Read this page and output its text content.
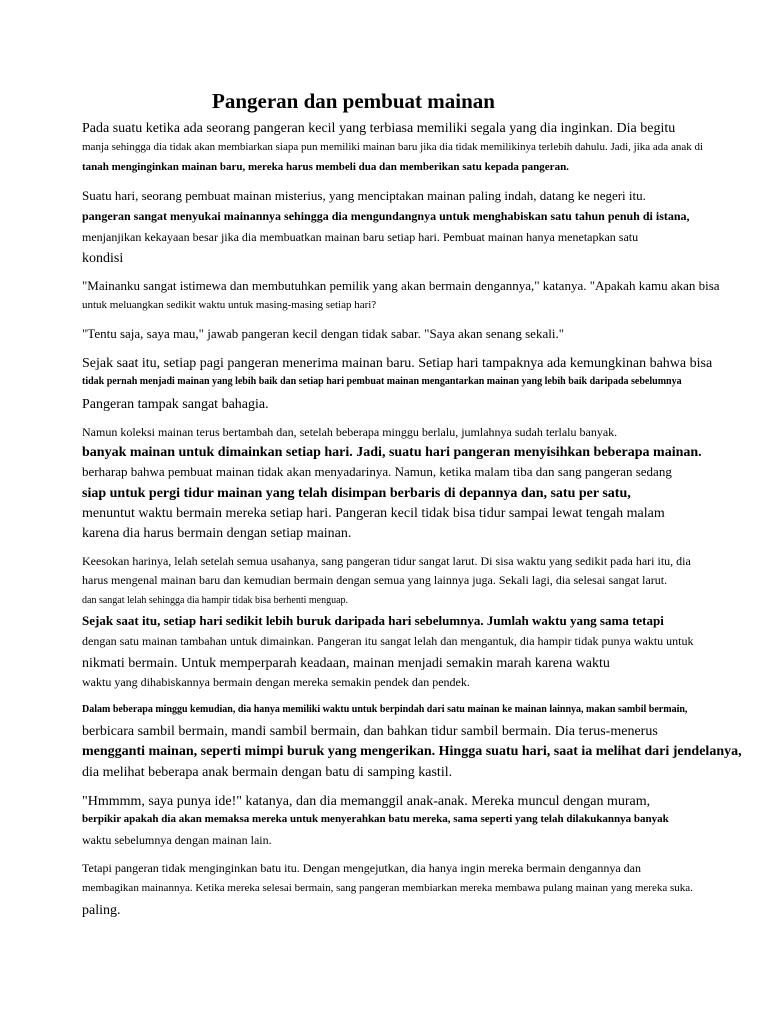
Pangeran dan pembuat mainan
Pada suatu ketika ada seorang pangeran kecil yang terbiasa memiliki segala yang dia inginkan. Dia begitu
manja sehingga dia tidak akan membiarkan siapa pun memiliki mainan baru jika dia tidak memilikinya terlebih dahulu. Jadi, jika ada anak di
tanah menginginkan mainan baru, mereka harus membeli dua dan memberikan satu kepada pangeran.
Suatu hari, seorang pembuat mainan misterius, yang menciptakan mainan paling indah, datang ke negeri itu.
pangeran sangat menyukai mainannya sehingga dia mengundangnya untuk menghabiskan satu tahun penuh di istana,
menjanjikan kekayaan besar jika dia membuatkan mainan baru setiap hari. Pembuat mainan hanya menetapkan satu
kondisi
"Mainanku sangat istimewa dan membutuhkan pemilik yang akan bermain dengannya," katanya. "Apakah kamu akan bisa
untuk meluangkan sedikit waktu untuk masing-masing setiap hari?
"Tentu saja, saya mau," jawab pangeran kecil dengan tidak sabar. "Saya akan senang sekali."
Sejak saat itu, setiap pagi pangeran menerima mainan baru. Setiap hari tampaknya ada kemungkinan bahwa bisa
tidak pernah menjadi mainan yang lebih baik dan setiap hari pembuat mainan mengantarkan mainan yang lebih baik daripada sebelumnya
Pangeran tampak sangat bahagia.
Namun koleksi mainan terus bertambah dan, setelah beberapa minggu berlalu, jumlahnya sudah terlalu banyak.
banyak mainan untuk dimainkan setiap hari. Jadi, suatu hari pangeran menyisihkan beberapa mainan.
berharap bahwa pembuat mainan tidak akan menyadarinya. Namun, ketika malam tiba dan sang pangeran sedang
siap untuk pergi tidur mainan yang telah disimpan berbaris di depannya dan, satu per satu,
menuntut waktu bermain mereka setiap hari. Pangeran kecil tidak bisa tidur sampai lewat tengah malam
karena dia harus bermain dengan setiap mainan.
Keesokan harinya, lelah setelah semua usahanya, sang pangeran tidur sangat larut. Di sisa waktu yang sedikit pada hari itu, dia
harus mengenal mainan baru dan kemudian bermain dengan semua yang lainnya juga. Sekali lagi, dia selesai sangat larut.
dan sangat lelah sehingga dia hampir tidak bisa berhenti menguap.
Sejak saat itu, setiap hari sedikit lebih buruk daripada hari sebelumnya. Jumlah waktu yang sama tetapi
dengan satu mainan tambahan untuk dimainkan. Pangeran itu sangat lelah dan mengantuk, dia hampir tidak punya waktu untuk
nikmati bermain. Untuk memperparah keadaan, mainan menjadi semakin marah karena waktu
waktu yang dihabiskannya bermain dengan mereka semakin pendek dan pendek.
Dalam beberapa minggu kemudian, dia hanya memiliki waktu untuk berpindah dari satu mainan ke mainan lainnya, makan sambil bermain,
berbicara sambil bermain, mandi sambil bermain, dan bahkan tidur sambil bermain. Dia terus-menerus
mengganti mainan, seperti mimpi buruk yang mengerikan. Hingga suatu hari, saat ia melihat dari jendelanya,
dia melihat beberapa anak bermain dengan batu di samping kastil.
"Hmmmm, saya punya ide!" katanya, dan dia memanggil anak-anak. Mereka muncul dengan muram,
berpikir apakah dia akan memaksa mereka untuk menyerahkan batu mereka, sama seperti yang telah dilakukannya banyak
waktu sebelumnya dengan mainan lain.
Tetapi pangeran tidak menginginkan batu itu. Dengan mengejutkan, dia hanya ingin mereka bermain dengannya dan
membagikan mainannya. Ketika mereka selesai bermain, sang pangeran membiarkan mereka membawa pulang mainan yang mereka suka.
paling.
